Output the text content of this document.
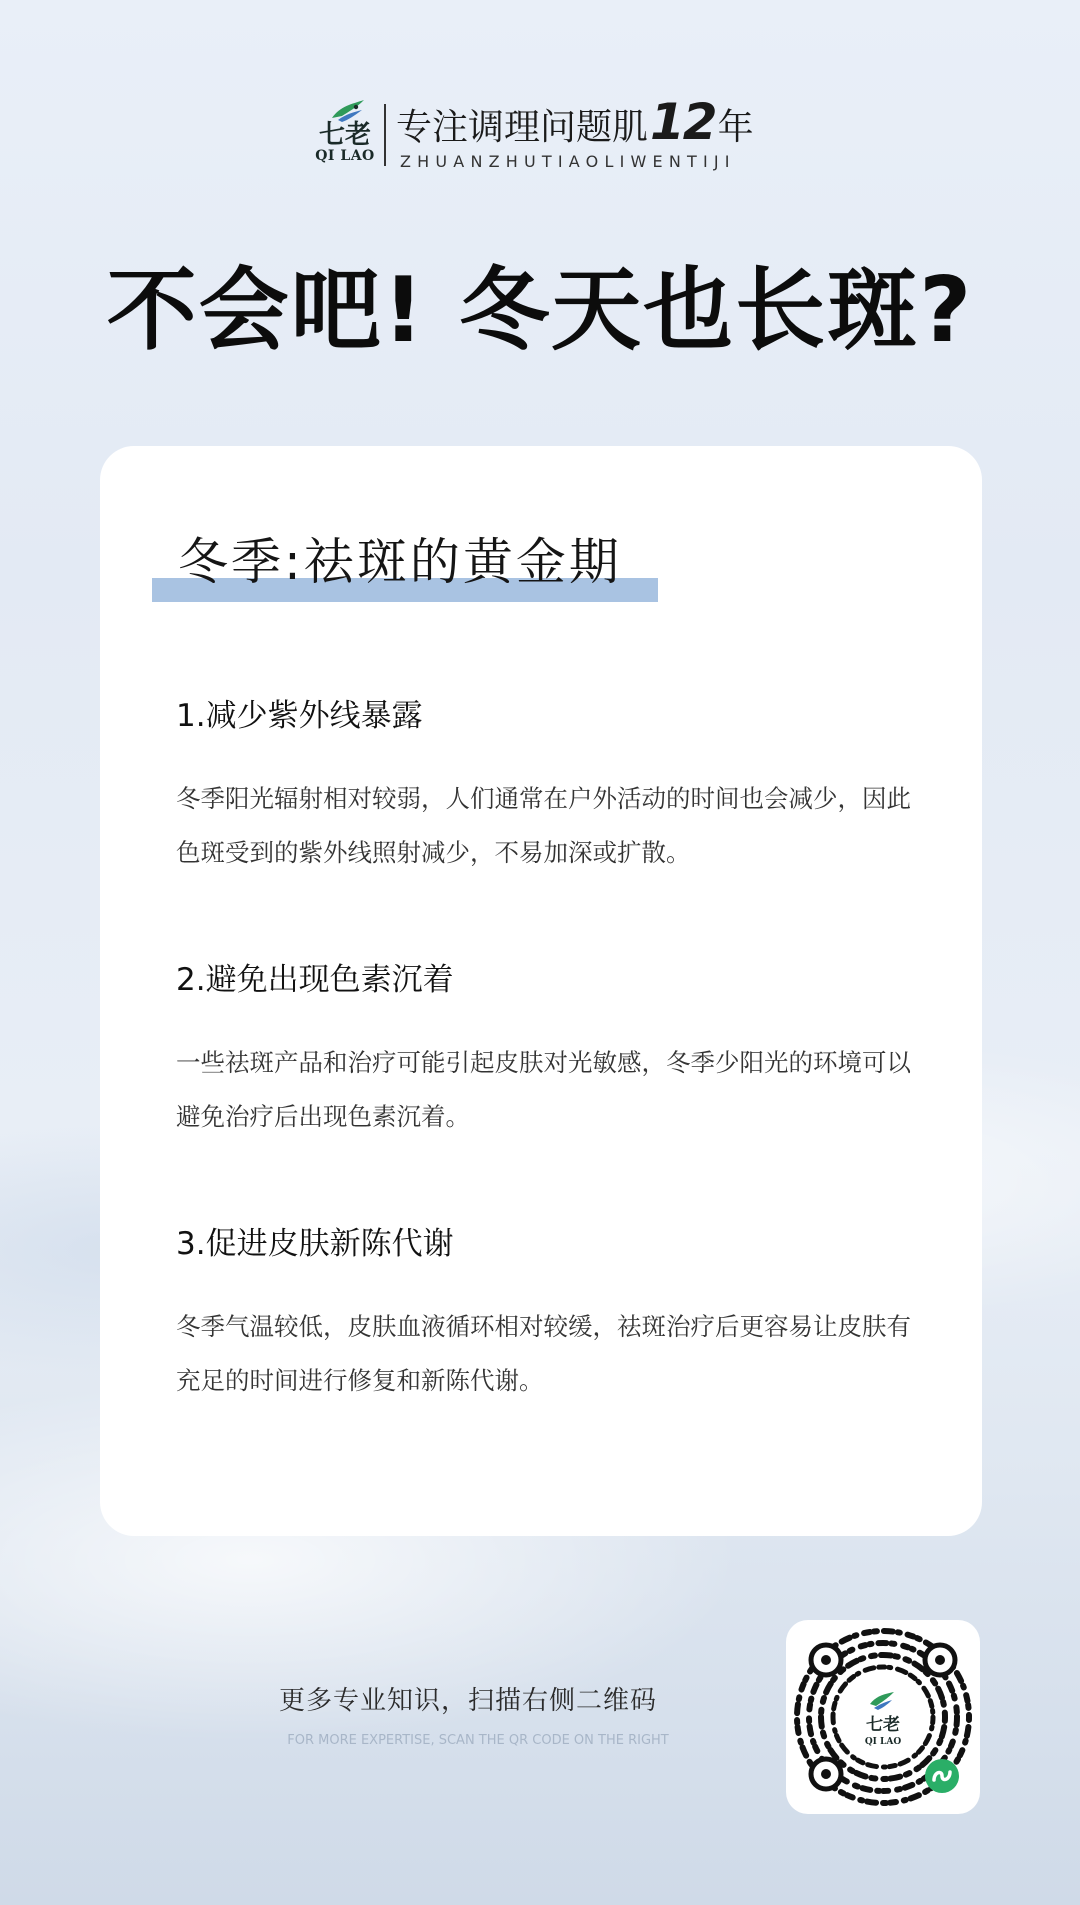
七老
QI LAO
专注调理问题肌12年
ZHUANZHUTIAOLIWENTIJI
不会吧! 冬天也长斑?
冬季:祛斑的黄金期
1.减少紫外线暴露
冬季阳光辐射相对较弱，人们通常在户外活动的时间也会减少，因此色斑受到的紫外线照射减少，不易加深或扩散。
2.避免出现色素沉着
一些祛斑产品和治疗可能引起皮肤对光敏感，冬季少阳光的环境可以避免治疗后出现色素沉着。
3.促进皮肤新陈代谢
冬季气温较低，皮肤血液循环相对较缓，祛斑治疗后更容易让皮肤有充足的时间进行修复和新陈代谢。
更多专业知识，扫描右侧二维码
FOR MORE EXPERTISE, SCAN THE QR CODE ON THE RIGHT
七老
QI LAO
